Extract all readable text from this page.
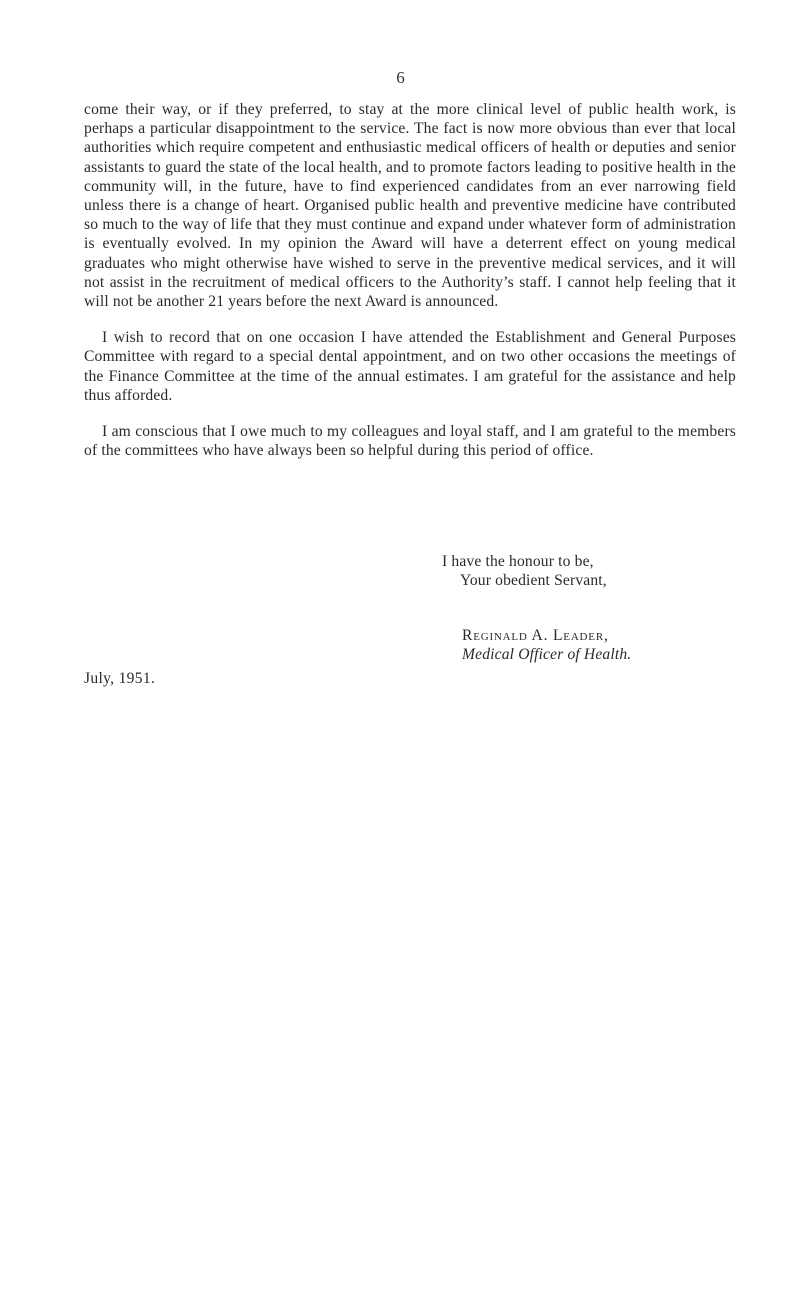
6

come their way, or if they preferred, to stay at the more clinical level of public health work, is perhaps a particular disappointment to the service. The fact is now more obvious than ever that local authorities which require competent and enthusiastic medical officers of health or deputies and senior assistants to guard the state of the local health, and to promote factors leading to positive health in the community will, in the future, have to find experienced candidates from an ever narrowing field unless there is a change of heart. Organised public health and preventive medicine have contributed so much to the way of life that they must continue and expand under whatever form of administration is eventually evolved. In my opinion the Award will have a deterrent effect on young medical graduates who might otherwise have wished to serve in the preventive medical services, and it will not assist in the recruitment of medical officers to the Authority’s staff. I cannot help feeling that it will not be another 21 years before the next Award is announced.

I wish to record that on one occasion I have attended the Establishment and General Purposes Committee with regard to a special dental appointment, and on two other occasions the meetings of the Finance Committee at the time of the annual estimates. I am grateful for the assistance and help thus afforded.

I am conscious that I owe much to my colleagues and loyal staff, and I am grateful to the members of the committees who have always been so helpful during this period of office.

I have the honour to be,
Your obedient Servant,
Reginald A. Leader,
Medical Officer of Health.
July, 1951.
